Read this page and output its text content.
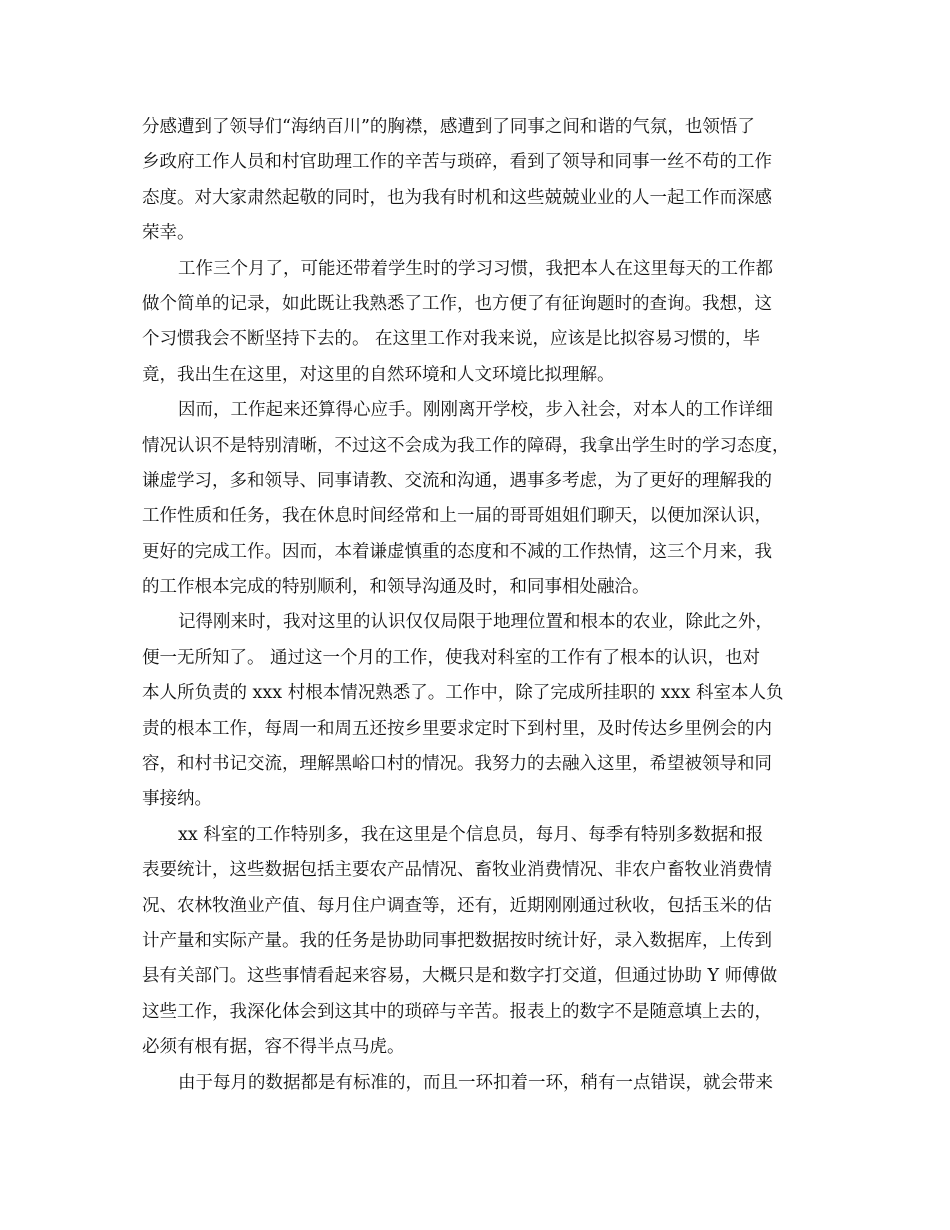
分感遭到了领导们“海纳百川”的胸襟，感遭到了同事之间和谐的气氛，也领悟了
乡政府工作人员和村官助理工作的辛苦与琐碎，看到了领导和同事一丝不苟的工作
态度。对大家肃然起敬的同时，也为我有时机和这些兢兢业业的人一起工作而深感
荣幸。
工作三个月了，可能还带着学生时的学习习惯，我把本人在这里每天的工作都
做个简单的记录，如此既让我熟悉了工作，也方便了有征询题时的查询。我想，这
个习惯我会不断坚持下去的。 在这里工作对我来说，应该是比拟容易习惯的，毕
竟，我出生在这里，对这里的自然环境和人文环境比拟理解。
因而，工作起来还算得心应手。刚刚离开学校，步入社会，对本人的工作详细
情况认识不是特别清晰，不过这不会成为我工作的障碍，我拿出学生时的学习态度，
谦虚学习，多和领导、同事请教、交流和沟通，遇事多考虑，为了更好的理解我的
工作性质和任务，我在休息时间经常和上一届的哥哥姐姐们聊天，以便加深认识，
更好的完成工作。因而，本着谦虚慎重的态度和不减的工作热情，这三个月来，我
的工作根本完成的特别顺利，和领导沟通及时，和同事相处融洽。
记得刚来时，我对这里的认识仅仅局限于地理位置和根本的农业，除此之外，
便一无所知了。 通过这一个月的工作，使我对科室的工作有了根本的认识，也对
本人所负责的 xxx 村根本情况熟悉了。工作中，除了完成所挂职的 xxx 科室本人负
责的根本工作，每周一和周五还按乡里要求定时下到村里，及时传达乡里例会的内
容，和村书记交流，理解黑峪口村的情况。我努力的去融入这里，希望被领导和同
事接纳。
xx 科室的工作特别多，我在这里是个信息员，每月、每季有特别多数据和报
表要统计，这些数据包括主要农产品情况、畜牧业消费情况、非农户畜牧业消费情
况、农林牧渔业产值、每月住户调查等，还有，近期刚刚通过秋收，包括玉米的估
计产量和实际产量。我的任务是协助同事把数据按时统计好，录入数据库，上传到
县有关部门。这些事情看起来容易，大概只是和数字打交道，但通过协助 Y 师傅做
这些工作，我深化体会到这其中的琐碎与辛苦。报表上的数字不是随意填上去的，
必须有根有据，容不得半点马虎。
由于每月的数据都是有标准的，而且一环扣着一环，稍有一点错误，就会带来
